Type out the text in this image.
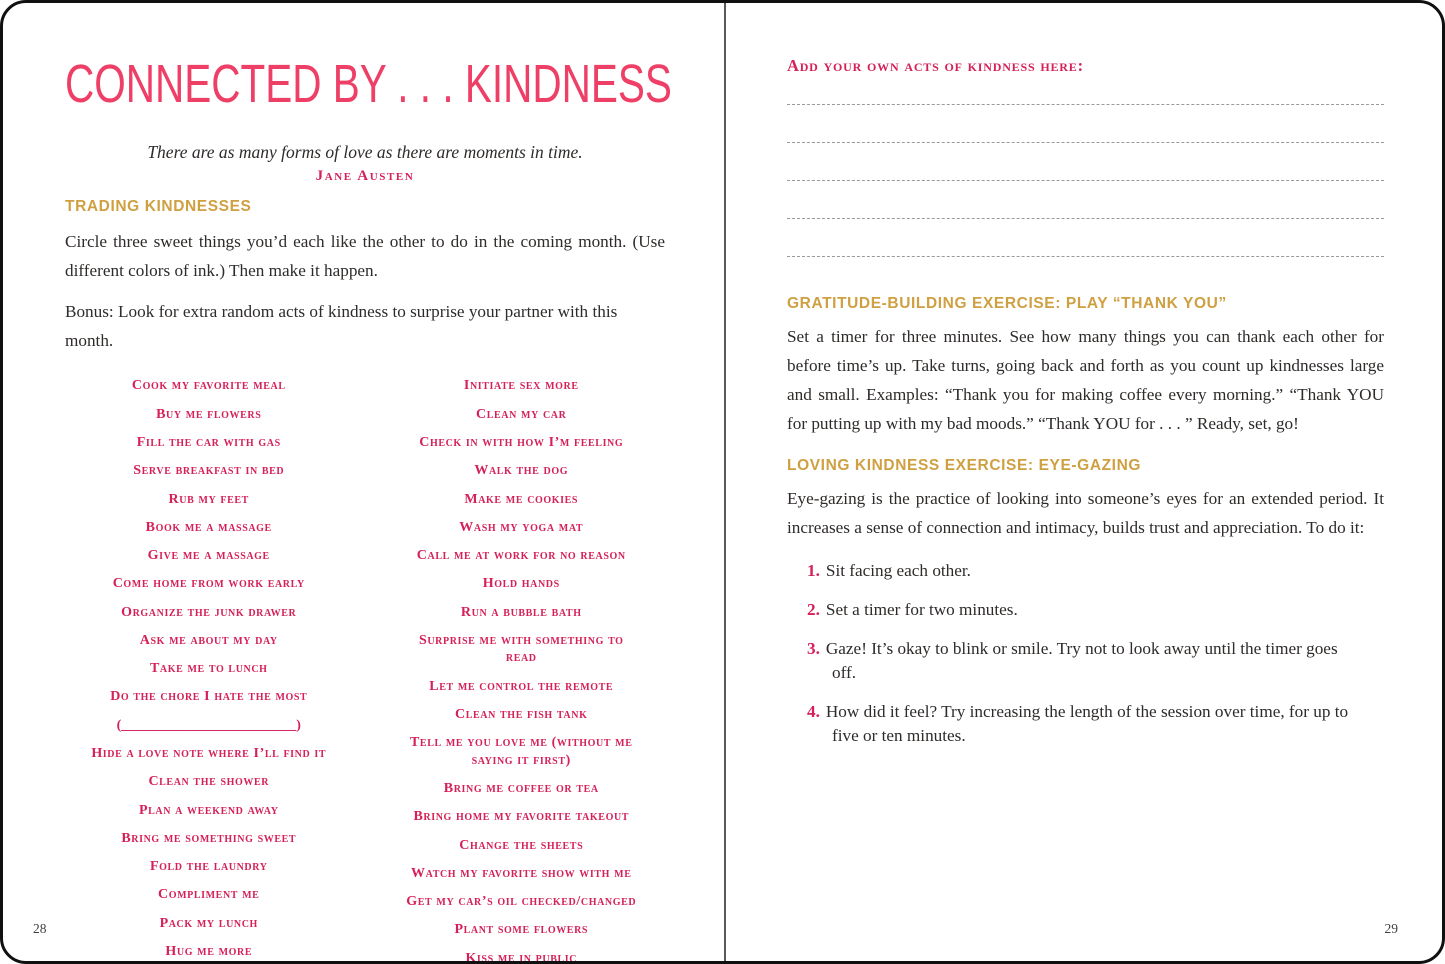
CONNECTED BY . . . KINDNESS

There are as many forms of love as there are moments in time.

Jane Austen

TRADING KINDNESSES

Circle three sweet things you’d each like the other to do in the coming month. (Use different colors of ink.) Then make it happen.

Bonus: Look for extra random acts of kindness to surprise your partner with this month.

Cook my favorite meal
Buy me flowers
Fill the car with gas
Serve breakfast in bed
Rub my feet
Book me a massage
Give me a massage
Come home from work early
Organize the junk drawer
Ask me about my day
Take me to lunch
Do the chore I hate the most
(_________________________)
Hide a love note where I’ll find it
Clean the shower
Plan a weekend away
Bring me something sweet
Fold the laundry
Compliment me
Pack my lunch
Hug me more
Initiate sex more
Clean my car
Check in with how I’m feeling
Walk the dog
Make me cookies
Wash my yoga mat
Call me at work for no reason
Hold hands
Run a bubble bath
Surprise me with something to read
Let me control the remote
Clean the fish tank
Tell me you love me (without me saying it first)
Bring me coffee or tea
Bring home my favorite takeout
Change the sheets
Watch my favorite show with me
Get my car’s oil checked/changed
Plant some flowers
Kiss me in public
28
Add your own acts of kindness here:
GRATITUDE-BUILDING EXERCISE: PLAY “THANK YOU”

Set a timer for three minutes. See how many things you can thank each other for before time’s up. Take turns, going back and forth as you count up kindnesses large and small. Examples: “Thank you for making coffee every morning.” “Thank YOU for putting up with my bad moods.” “Thank YOU for . . . ” Ready, set, go!

LOVING KINDNESS EXERCISE: EYE-GAZING

Eye-gazing is the practice of looking into someone’s eyes for an extended period. It increases a sense of connection and intimacy, builds trust and appreciation. To do it:

1. Sit facing each other.
2. Set a timer for two minutes.
3. Gaze! It’s okay to blink or smile. Try not to look away until the timer goes off.
4. How did it feel? Try increasing the length of the session over time, for up to five or ten minutes.
29
